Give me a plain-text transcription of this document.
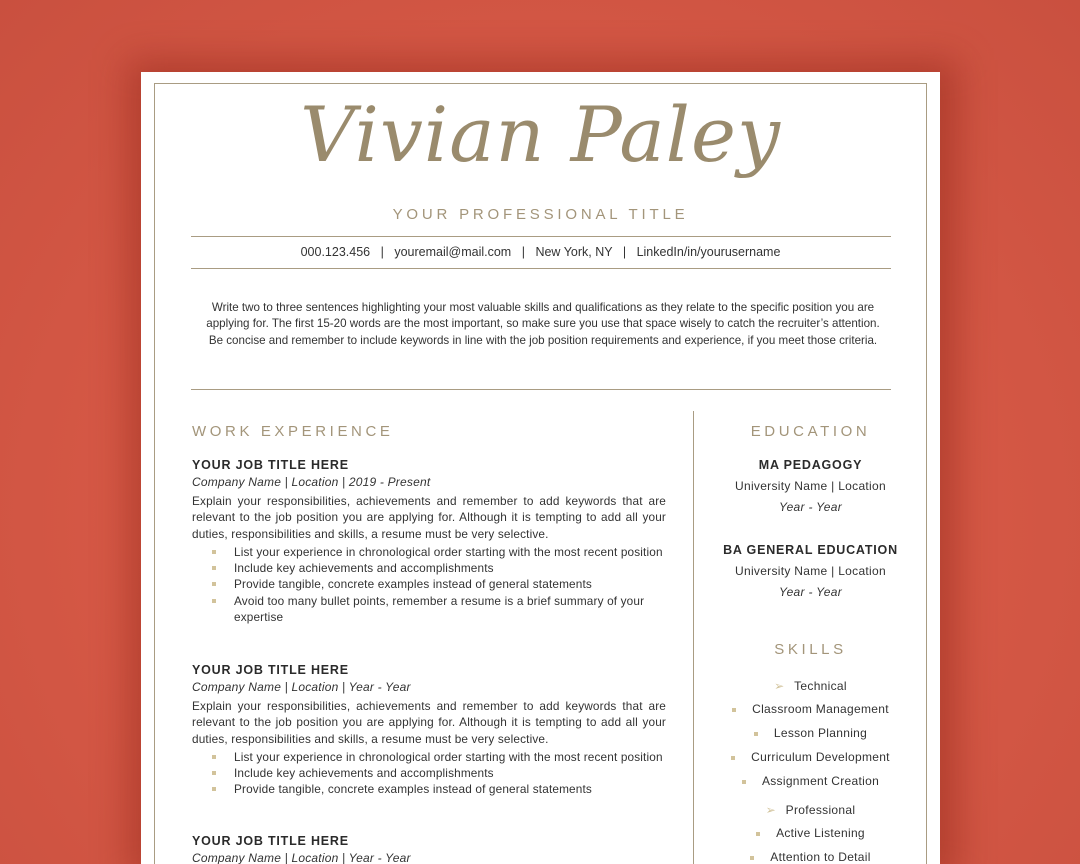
Vivian Paley
YOUR PROFESSIONAL TITLE
000.123.456 | youremail@mail.com | New York, NY | LinkedIn/in/yourusername
Write two to three sentences highlighting your most valuable skills and qualifications as they relate to the specific position you are applying for. The first 15-20 words are the most important, so make sure you use that space wisely to catch the recruiter’s attention. Be concise and remember to include keywords in line with the job position requirements and experience, if you meet those criteria.
WORK EXPERIENCE
YOUR JOB TITLE HERE
Company Name | Location | 2019 - Present
Explain your responsibilities, achievements and remember to add keywords that are relevant to the job position you are applying for. Although it is tempting to add all your duties, responsibilities and skills, a resume must be very selective.
List your experience in chronological order starting with the most recent position
Include key achievements and accomplishments
Provide tangible, concrete examples instead of general statements
Avoid too many bullet points, remember a resume is a brief summary of your expertise
YOUR JOB TITLE HERE
Company Name | Location | Year - Year
Explain your responsibilities, achievements and remember to add keywords that are relevant to the job position you are applying for. Although it is tempting to add all your duties, responsibilities and skills, a resume must be very selective.
List your experience in chronological order starting with the most recent position
Include key achievements and accomplishments
Provide tangible, concrete examples instead of general statements
YOUR JOB TITLE HERE
Company Name | Location | Year - Year
EDUCATION
MA PEDAGOGY
University Name | Location
Year - Year
BA GENERAL EDUCATION
University Name | Location
Year - Year
SKILLS
➢ Technical
Classroom Management
Lesson Planning
Curriculum Development
Assignment Creation
➢ Professional
Active Listening
Attention to Detail
